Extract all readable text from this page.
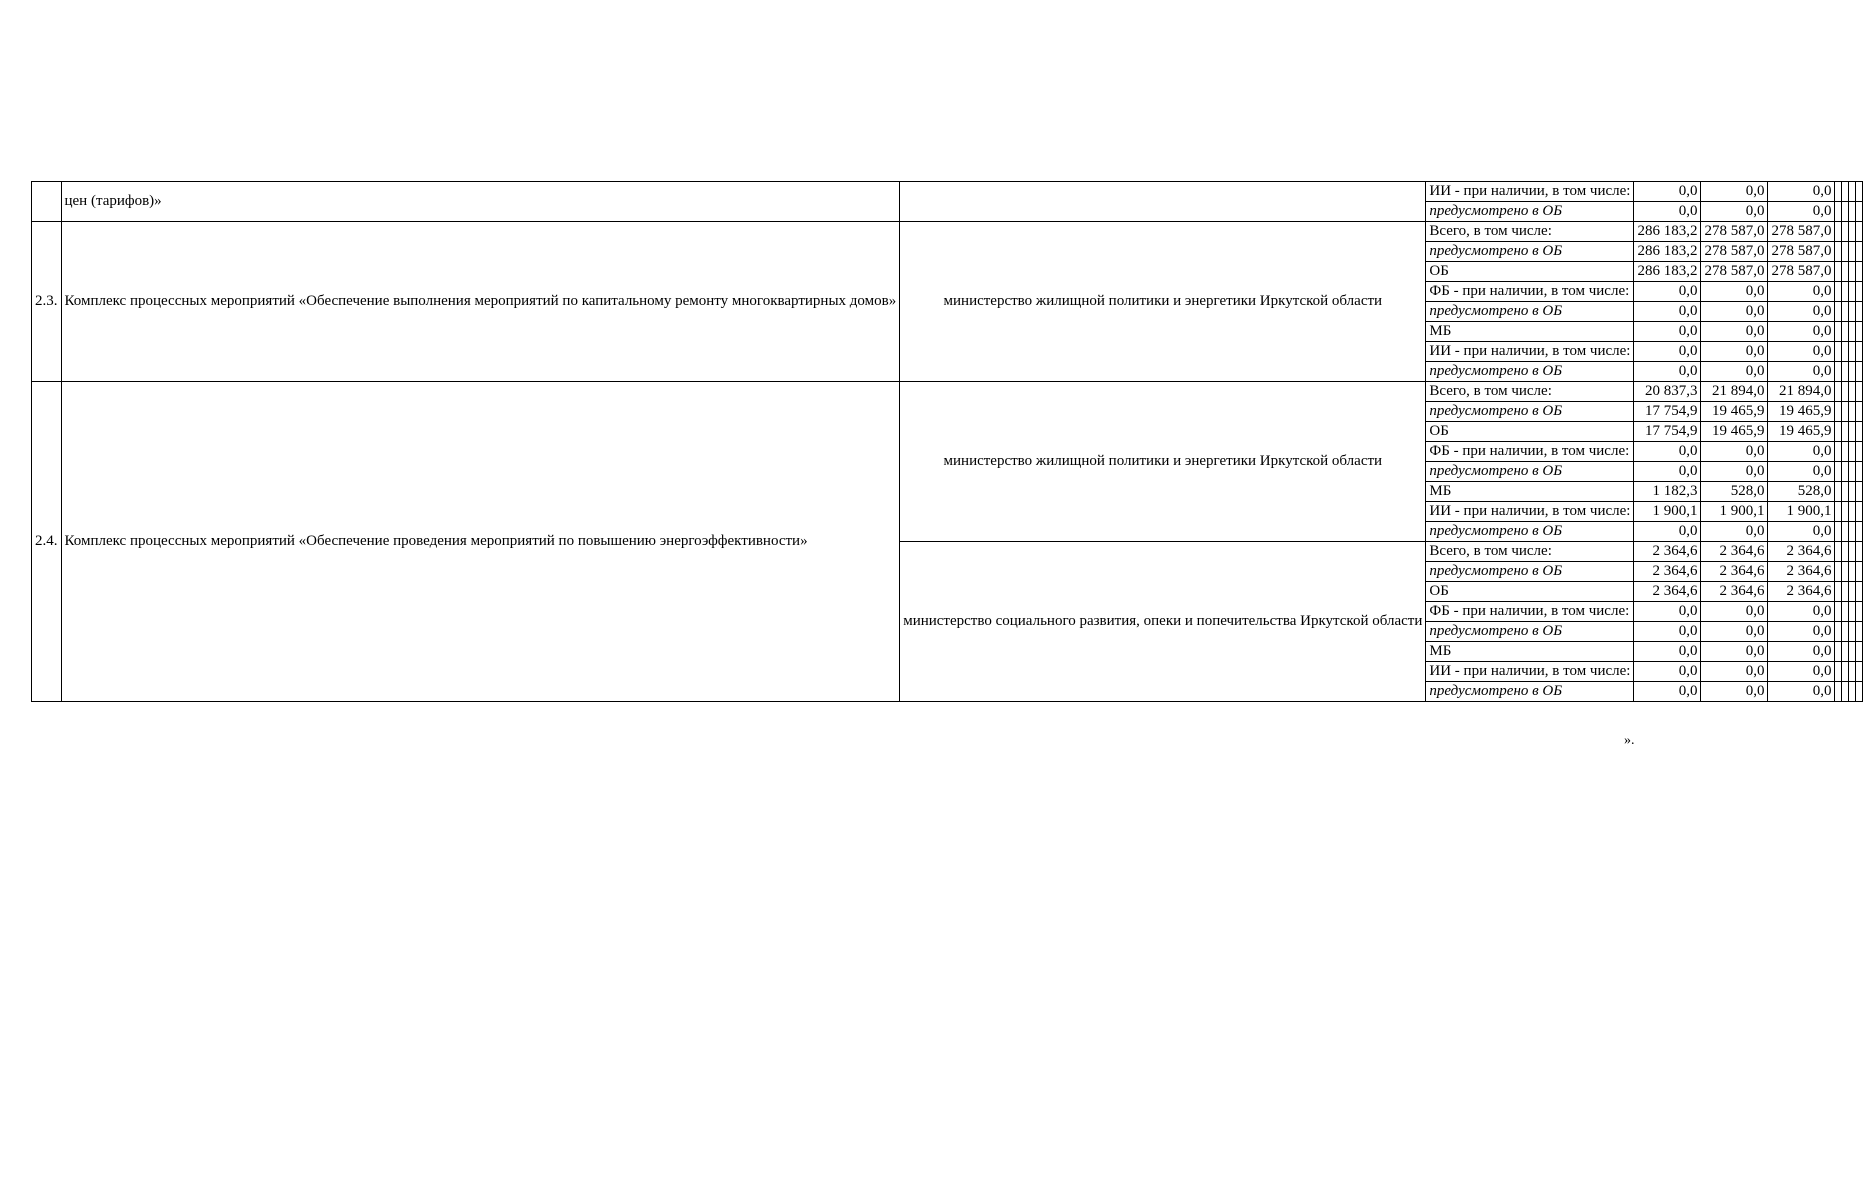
	цен (тарифов)»		ИИ - при наличии, в том числе:	0,0	0,0	0,0				
			предусмотрено в ОБ	0,0	0,0	0,0				
2.3.	Комплекс процессных мероприятий «Обеспечение выполнения мероприятий по капитальному ремонту многоквартирных домов»	министерство жилищной политики и энергетики Иркутской области	Всего, в том числе:	286 183,2	278 587,0	278 587,0				
			предусмотрено в ОБ	286 183,2	278 587,0	278 587,0				
			ОБ	286 183,2	278 587,0	278 587,0				
			ФБ - при наличии, в том числе:	0,0	0,0	0,0				
			предусмотрено в ОБ	0,0	0,0	0,0				
			МБ	0,0	0,0	0,0				
			ИИ - при наличии, в том числе:	0,0	0,0	0,0				
			предусмотрено в ОБ	0,0	0,0	0,0				
2.4.	Комплекс процессных мероприятий «Обеспечение проведения мероприятий по повышению энергоэффективности»	министерство жилищной политики и энергетики Иркутской области	Всего, в том числе:	20 837,3	21 894,0	21 894,0				
			предусмотрено в ОБ	17 754,9	19 465,9	19 465,9				
			ОБ	17 754,9	19 465,9	19 465,9				
			ФБ - при наличии, в том числе:	0,0	0,0	0,0				
			предусмотрено в ОБ	0,0	0,0	0,0				
			МБ	1 182,3	528,0	528,0				
			ИИ - при наличии, в том числе:	1 900,1	1 900,1	1 900,1				
			предусмотрено в ОБ	0,0	0,0	0,0				
		министерство социального развития, опеки и попечительства Иркутской области	Всего, в том числе:	2 364,6	2 364,6	2 364,6				
			предусмотрено в ОБ	2 364,6	2 364,6	2 364,6				
			ОБ	2 364,6	2 364,6	2 364,6				
			ФБ - при наличии, в том числе:	0,0	0,0	0,0				
			предусмотрено в ОБ	0,0	0,0	0,0				
			МБ	0,0	0,0	0,0				
			ИИ - при наличии, в том числе:	0,0	0,0	0,0				
			предусмотрено в ОБ	0,0	0,0	0,0				
».
